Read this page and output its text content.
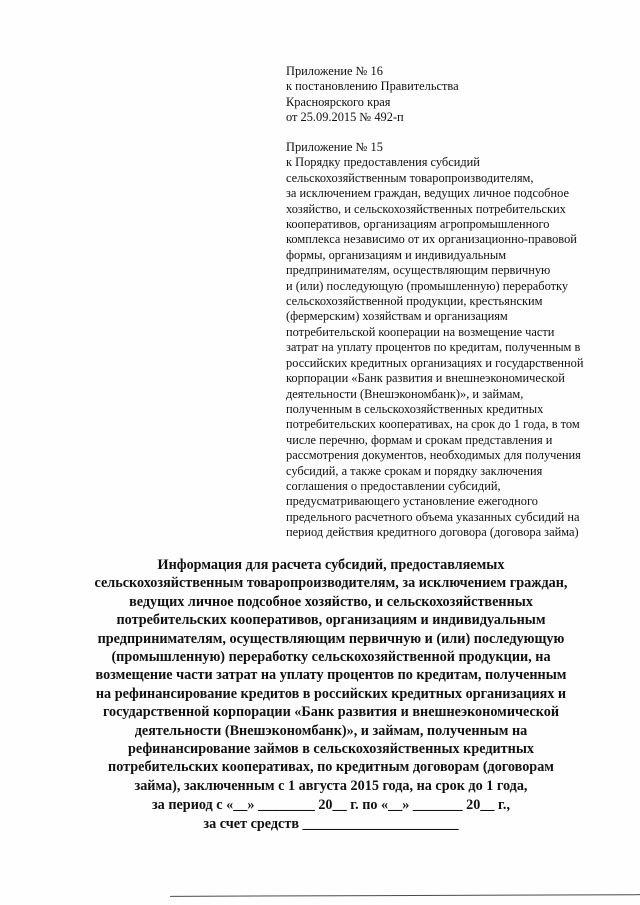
Приложение № 16
к постановлению Правительства
Красноярского края
от 25.09.2015 № 492-п
Приложение № 15
к Порядку предоставления субсидий
сельскохозяйственным товаропроизводителям,
за исключением граждан, ведущих личное подсобное
хозяйство, и сельскохозяйственных потребительских
кооперативов, организациям агропромышленного
комплекса независимо от их организационно-правовой
формы, организациям и индивидуальным
предпринимателям, осуществляющим первичную
и (или) последующую (промышленную) переработку
сельскохозяйственной продукции, крестьянским
(фермерским) хозяйствам и организациям
потребительской кооперации на возмещение части
затрат на уплату процентов по кредитам, полученным в
российских кредитных организациях и государственной
корпорации «Банк развития и внешнеэкономической
деятельности (Внешэкономбанк)», и займам,
полученным в сельскохозяйственных кредитных
потребительских кооперативах, на срок до 1 года, в том
числе перечню, формам и срокам представления и
рассмотрения документов, необходимых для получения
субсидий, а также срокам и порядку заключения
соглашения о предоставлении субсидий,
предусматривающего установление ежегодного
предельного расчетного объема указанных субсидий на
период действия кредитного договора (договора займа)
Информация для расчета субсидий, предоставляемых
сельскохозяйственным товаропроизводителям, за исключением граждан,
ведущих личное подсобное хозяйство, и сельскохозяйственных
потребительских кооперативов, организациям и индивидуальным
предпринимателям, осуществляющим первичную и (или) последующую
(промышленную) переработку сельскохозяйственной продукции, на
возмещение части затрат на уплату процентов по кредитам, полученным
на рефинансирование кредитов в российских кредитных организациях и
государственной корпорации «Банк развития и внешнеэкономической
деятельности (Внешэкономбанк)», и займам, полученным на
рефинансирование займов в сельскохозяйственных кредитных
потребительских кооперативах, по кредитным договорам (договорам
займа), заключенным с 1 августа 2015 года, на срок до 1 года,
за период с «__» ________ 20__ г. по «__» _______ 20__ г.,
за счет средств ______________________
